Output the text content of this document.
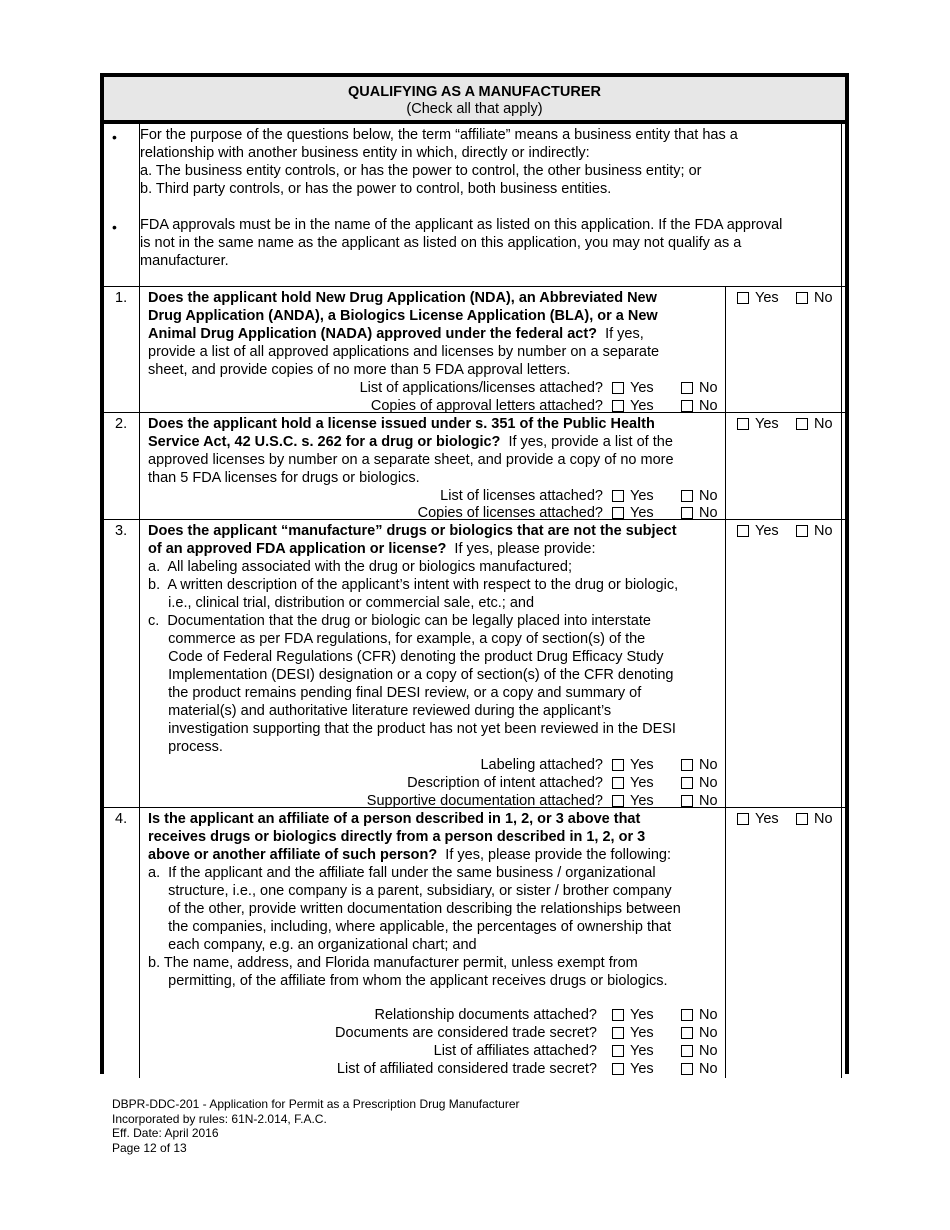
QUALIFYING AS A MANUFACTURER
(Check all that apply)
• For the purpose of the questions below, the term “affiliate” means a business entity that has a
relationship with another business entity in which, directly or indirectly:
a. The business entity controls, or has the power to control, the other business entity; or
b. Third party controls, or has the power to control, both business entities.
• FDA approvals must be in the name of the applicant as listed on this application. If the FDA approval
is not in the same name as the applicant as listed on this application, you may not qualify as a
manufacturer.
1. Does the applicant hold New Drug Application (NDA), an Abbreviated New
Drug Application (ANDA), a Biologics License Application (BLA), or a New
Animal Drug Application (NADA) approved under the federal act?  If yes,
provide a list of all approved applications and licenses by number on a separate
sheet, and provide copies of no more than 5 FDA approval letters.
List of applications/licenses attached? Yes	No
Copies of approval letters attached? Yes	No
Yes No
2. Does the applicant hold a license issued under s. 351 of the Public Health
Service Act, 42 U.S.C. s. 262 for a drug or biologic?  If yes, provide a list of the
approved licenses by number on a separate sheet, and provide a copy of no more
than 5 FDA licenses for drugs or biologics.
List of licenses attached? Yes	No
Copies of licenses attached? Yes	No
Yes No
3. Does the applicant “manufacture” drugs or biologics that are not the subject
of an approved FDA application or license?  If yes, please provide:
a.  All labeling associated with the drug or biologics manufactured;
b.  A written description of the applicant’s intent with respect to the drug or biologic,
i.e., clinical trial, distribution or commercial sale, etc.; and
c.  Documentation that the drug or biologic can be legally placed into interstate
commerce as per FDA regulations, for example, a copy of section(s) of the
Code of Federal Regulations (CFR) denoting the product Drug Efficacy Study
Implementation (DESI) designation or a copy of section(s) of the CFR denoting
the product remains pending final DESI review, or a copy and summary of
material(s) and authoritative literature reviewed during the applicant’s
investigation supporting that the product has not yet been reviewed in the DESI
process.
Labeling attached? Yes	No
Description of intent attached? Yes	No
Supportive documentation attached? Yes	No
Yes No
4. Is the applicant an affiliate of a person described in 1, 2, or 3 above that
receives drugs or biologics directly from a person described in 1, 2, or 3
above or another affiliate of such person?  If yes, please provide the following:
a.  If the applicant and the affiliate fall under the same business / organizational
structure, i.e., one company is a parent, subsidiary, or sister / brother company
of the other, provide written documentation describing the relationships between
the companies, including, where applicable, the percentages of ownership that
each company, e.g. an organizational chart; and
b. The name, address, and Florida manufacturer permit, unless exempt from
permitting, of the affiliate from whom the applicant receives drugs or biologics.
Relationship documents attached? Yes	No
Documents are considered trade secret? Yes	No
List of affiliates attached? Yes	No
List of affiliated considered trade secret? Yes	No
Yes No
DBPR-DDC-201 - Application for Permit as a Prescription Drug Manufacturer
Incorporated by rules: 61N-2.014, F.A.C.
Eff. Date: April 2016
Page 12 of 13
